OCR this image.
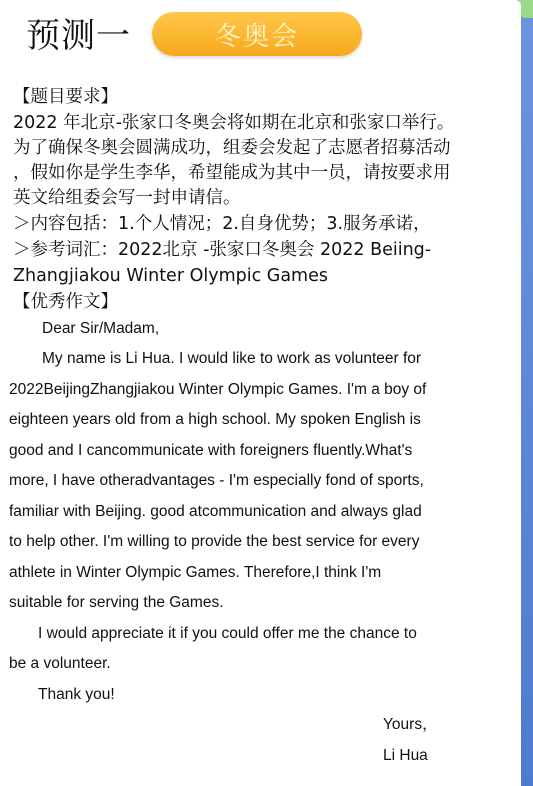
预测一	冬奥会
【题目要求】
2022 年北京-张家口冬奥会将如期在北京和张家口举行。
为了确保冬奥会圆满成功，组委会发起了志愿者招募活动
，假如你是学生李华，希望能成为其中一员，请按要求用
英文给组委会写一封申请信。
＞内容包括：1.个人情况；2.自身优势；3.服务承诺，
＞参考词汇：2022北京 -张家口冬奥会 2022 Beiing-
Zhangjiakou Winter Olympic Games
【优秀作文】
Dear Sir/Madam,
My name is Li Hua. I would like to work as volunteer for
2022BeijingZhangjiakou Winter Olympic Games. I'm a boy of
eighteen years old from a high school. My spoken English is
good and I cancommunicate with foreigners fluently.What's
more, I have otheradvantages - I'm especially fond of sports,
familiar with Beijing. good atcommunication and always glad
to help other. I'm willing to provide the best service for every
athlete in Winter Olympic Games. Therefore,I think I'm
suitable for serving the Games.
I would appreciate it if you could offer me the chance to
be a volunteer.
Thank you!
Yours，
Li Hua
